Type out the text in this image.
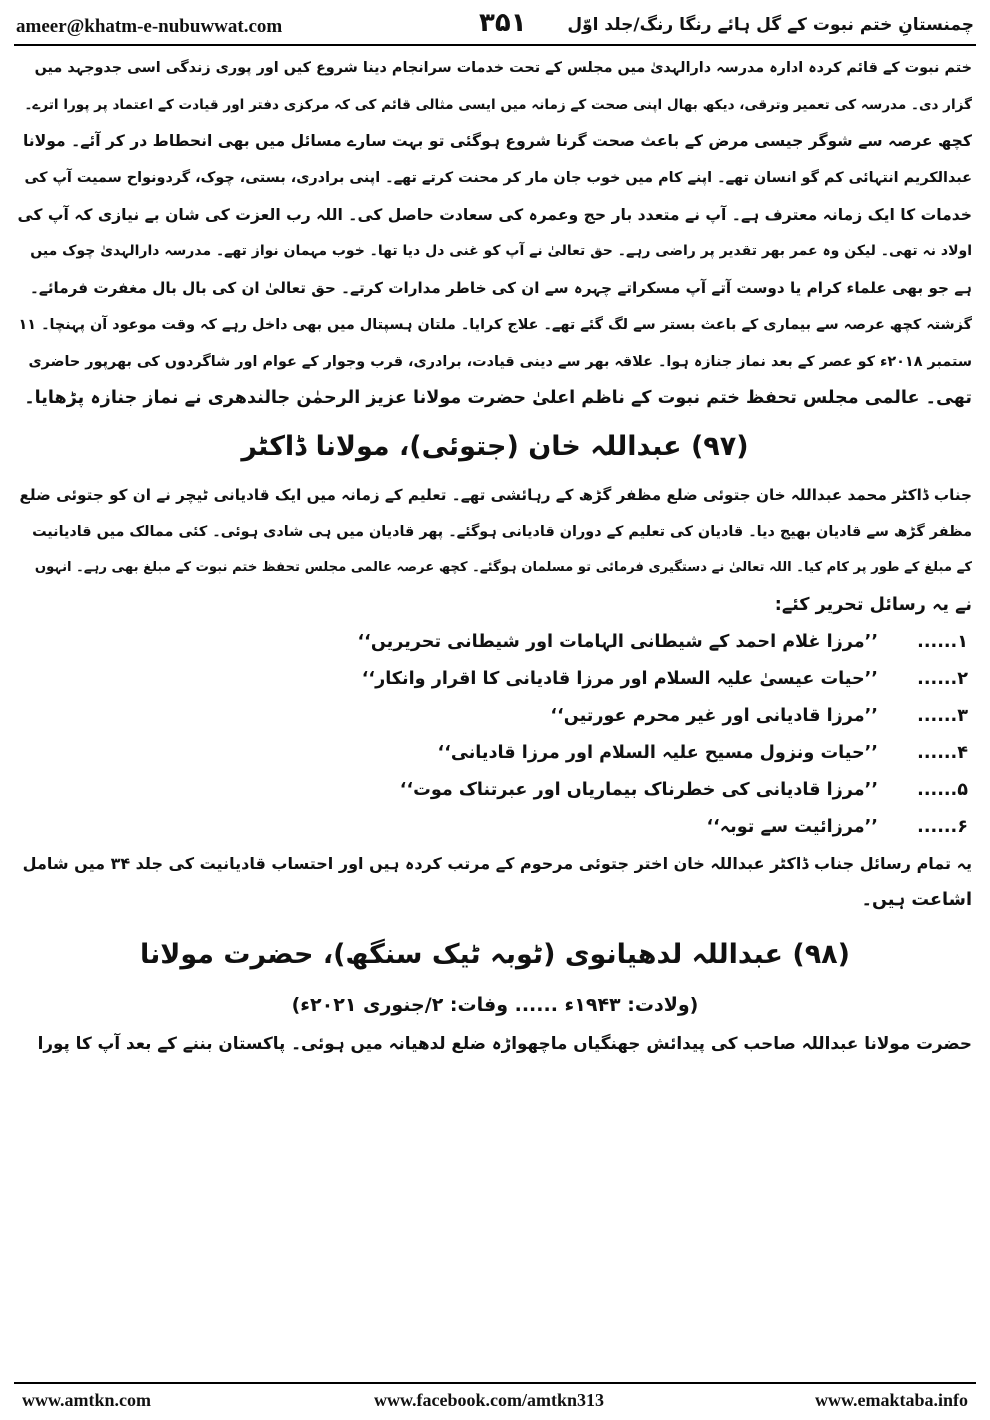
ameer@khatm-e-nubuwwat.com	۳۵۱ چمنستانِ ختم نبوت کے گل ہائے رنگا رنگ/جلد اوّل
ختم نبوت کے قائم کردہ ادارہ مدرسہ دارالہدیٰ میں مجلس کے تحت خدمات سرانجام دینا شروع کیں اور پوری زندگی اسی جدوجہد میں
گزار دی۔ مدرسہ کی تعمیر وترقی، دیکھ بھال اپنی صحت کے زمانہ میں ایسی مثالی قائم کی کہ مرکزی دفتر اور قیادت کے اعتماد پر پورا اترے۔
کچھ عرصہ سے شوگر جیسی مرض کے باعث صحت گرنا شروع ہوگئی تو بہت سارے مسائل میں بھی انحطاط در کر آئے۔ مولانا
عبدالکریم انتہائی کم گو انسان تھے۔ اپنے کام میں خوب جان مار کر محنت کرتے تھے۔ اپنی برادری، بستی، چوک، گردونواح سمیت آپ کی
خدمات کا ایک زمانہ معترف ہے۔ آپ نے متعدد بار حج وعمرہ کی سعادت حاصل کی۔ اللہ رب العزت کی شان بے نیازی کہ آپ کی
اولاد نہ تھی۔ لیکن وہ عمر بھر تقدیر پر راضی رہے۔ حق تعالیٰ نے آپ کو غنی دل دیا تھا۔ خوب مہمان نواز تھے۔ مدرسہ دارالہدیٰ چوک میں
ہے جو بھی علماء کرام یا دوست آتے آپ مسکراتے چہرہ سے ان کی خاطر مدارات کرتے۔ حق تعالیٰ ان کی بال بال مغفرت فرمائے۔
گزشتہ کچھ عرصہ سے بیماری کے باعث بستر سے لگ گئے تھے۔ علاج کرایا۔ ملتان ہسپتال میں بھی داخل رہے کہ وقت موعود آن پہنچا۔ ۱۱
ستمبر ۲۰۱۸ء کو عصر کے بعد نماز جنازہ ہوا۔ علاقہ بھر سے دینی قیادت، برادری، قرب وجوار کے عوام اور شاگردوں کی بھرپور حاضری
تھی۔ عالمی مجلس تحفظ ختم نبوت کے ناظم اعلیٰ حضرت مولانا عزیز الرحمٰن جالندھری نے نماز جنازہ پڑھایا۔
(۹۷) عبداللہ خان (جتوئی)، مولانا ڈاکٹر
جناب ڈاکٹر محمد عبداللہ خان جتوئی ضلع مظفر گڑھ کے رہائشی تھے۔ تعلیم کے زمانہ میں ایک قادیانی ٹیچر نے ان کو جتوئی ضلع
مظفر گڑھ سے قادیان بھیج دیا۔ قادیان کی تعلیم کے دوران قادیانی ہوگئے۔ پھر قادیان میں ہی شادی ہوئی۔ کئی ممالک میں قادیانیت
کے مبلغ کے طور پر کام کیا۔ اللہ تعالیٰ نے دستگیری فرمائی تو مسلمان ہوگئے۔ کچھ عرصہ عالمی مجلس تحفظ ختم نبوت کے مبلغ بھی رہے۔ انہوں
نے یہ رسائل تحریر کئے:
۱......
’’مرزا غلام احمد کے شیطانی الہامات اور شیطانی تحریریں‘‘
۲......
’’حیات عیسیٰ علیہ السلام اور مرزا قادیانی کا اقرار وانکار‘‘
۳......
’’مرزا قادیانی اور غیر محرم عورتیں‘‘
۴......
’’حیات ونزول مسیح علیہ السلام اور مرزا قادیانی‘‘
۵......
’’مرزا قادیانی کی خطرناک بیماریاں اور عبرتناک موت‘‘
۶......
’’مرزائیت سے توبہ‘‘
یہ تمام رسائل جناب ڈاکٹر عبداللہ خان اختر جتوئی مرحوم کے مرتب کردہ ہیں اور احتساب قادیانیت کی جلد ۳۴ میں شامل
اشاعت ہیں۔
(۹۸) عبداللہ لدھیانوی (ٹوبہ ٹیک سنگھ)، حضرت مولانا
(ولادت: ۱۹۴۳ء ...... وفات: ۲/جنوری ۲۰۲۱ء)
حضرت مولانا عبداللہ صاحب کی پیدائش جھنگیاں ماچھواڑہ ضلع لدھیانہ میں ہوئی۔ پاکستان بننے کے بعد آپ کا پورا
www.amtkn.com	www.facebook.com/amtkn313	www.emaktaba.info
